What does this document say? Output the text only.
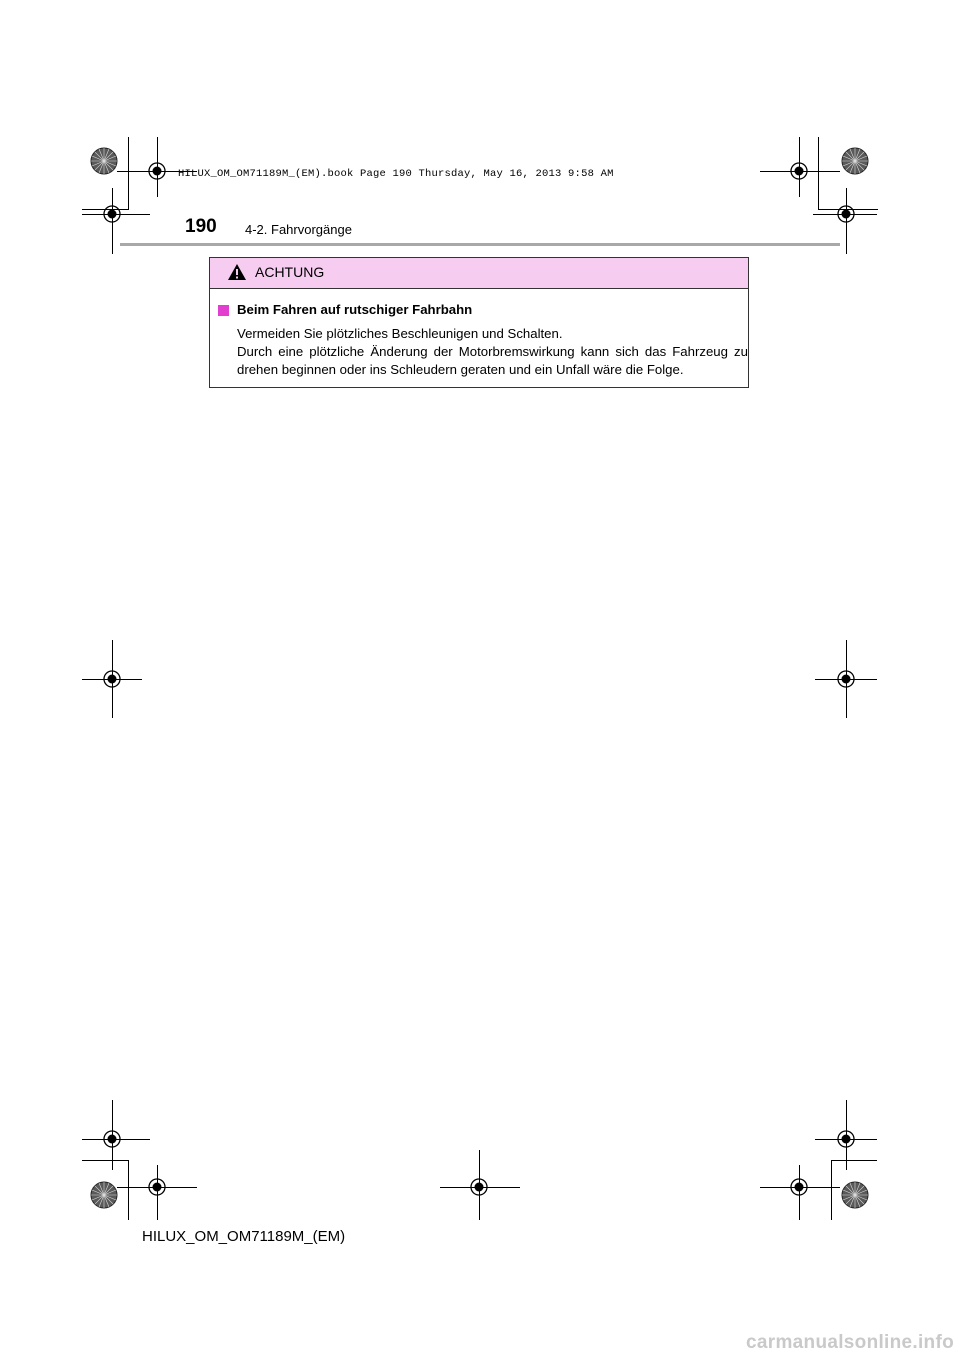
HILUX_OM_OM71189M_(EM).book Page 190 Thursday, May 16, 2013 9:58 AM
190 4-2. Fahrvorgänge
ACHTUNG
Beim Fahren auf rutschiger Fahrbahn

Vermeiden Sie plötzliches Beschleunigen und Schalten.

Durch eine plötzliche Änderung der Motorbremswirkung kann sich das Fahrzeug zu drehen beginnen oder ins Schleudern geraten und ein Unfall wäre die Folge.

HILUX_OM_OM71189M_(EM)
carmanualsonline.info
